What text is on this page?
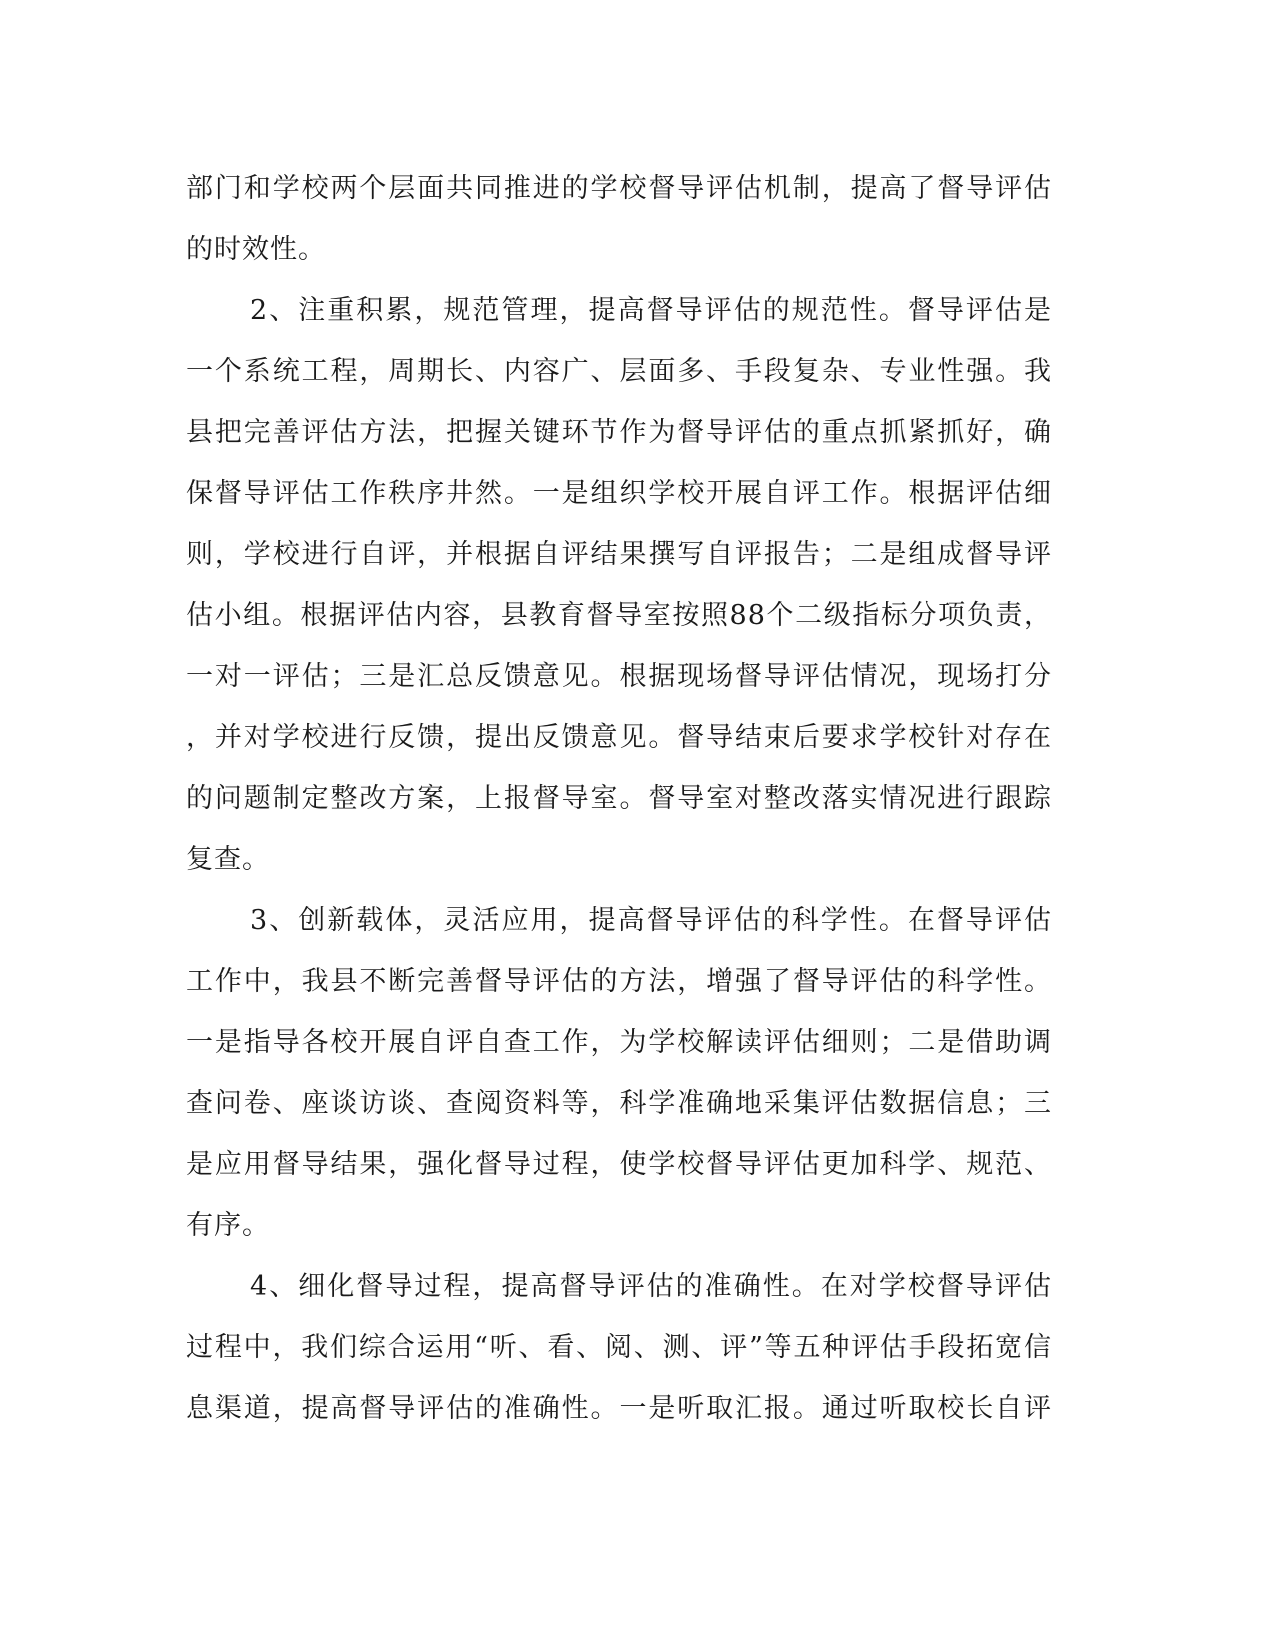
部门和学校两个层面共同推进的学校督导评估机制，提高了督导评估
的时效性。
2、注重积累，规范管理，提高督导评估的规范性。督导评估是
一个系统工程，周期长、内容广、层面多、手段复杂、专业性强。我
县把完善评估方法，把握关键环节作为督导评估的重点抓紧抓好，确
保督导评估工作秩序井然。一是组织学校开展自评工作。根据评估细
则，学校进行自评，并根据自评结果撰写自评报告；二是组成督导评
估小组。根据评估内容，县教育督导室按照88个二级指标分项负责，
一对一评估；三是汇总反馈意见。根据现场督导评估情况，现场打分
，并对学校进行反馈，提出反馈意见。督导结束后要求学校针对存在
的问题制定整改方案，上报督导室。督导室对整改落实情况进行跟踪
复查。
3、创新载体，灵活应用，提高督导评估的科学性。在督导评估
工作中，我县不断完善督导评估的方法，增强了督导评估的科学性。
一是指导各校开展自评自查工作，为学校解读评估细则；二是借助调
查问卷、座谈访谈、查阅资料等，科学准确地采集评估数据信息；三
是应用督导结果，强化督导过程，使学校督导评估更加科学、规范、
有序。
4、细化督导过程，提高督导评估的准确性。在对学校督导评估
过程中，我们综合运用“听、看、阅、测、评”等五种评估手段拓宽信
息渠道，提高督导评估的准确性。一是听取汇报。通过听取校长自评
